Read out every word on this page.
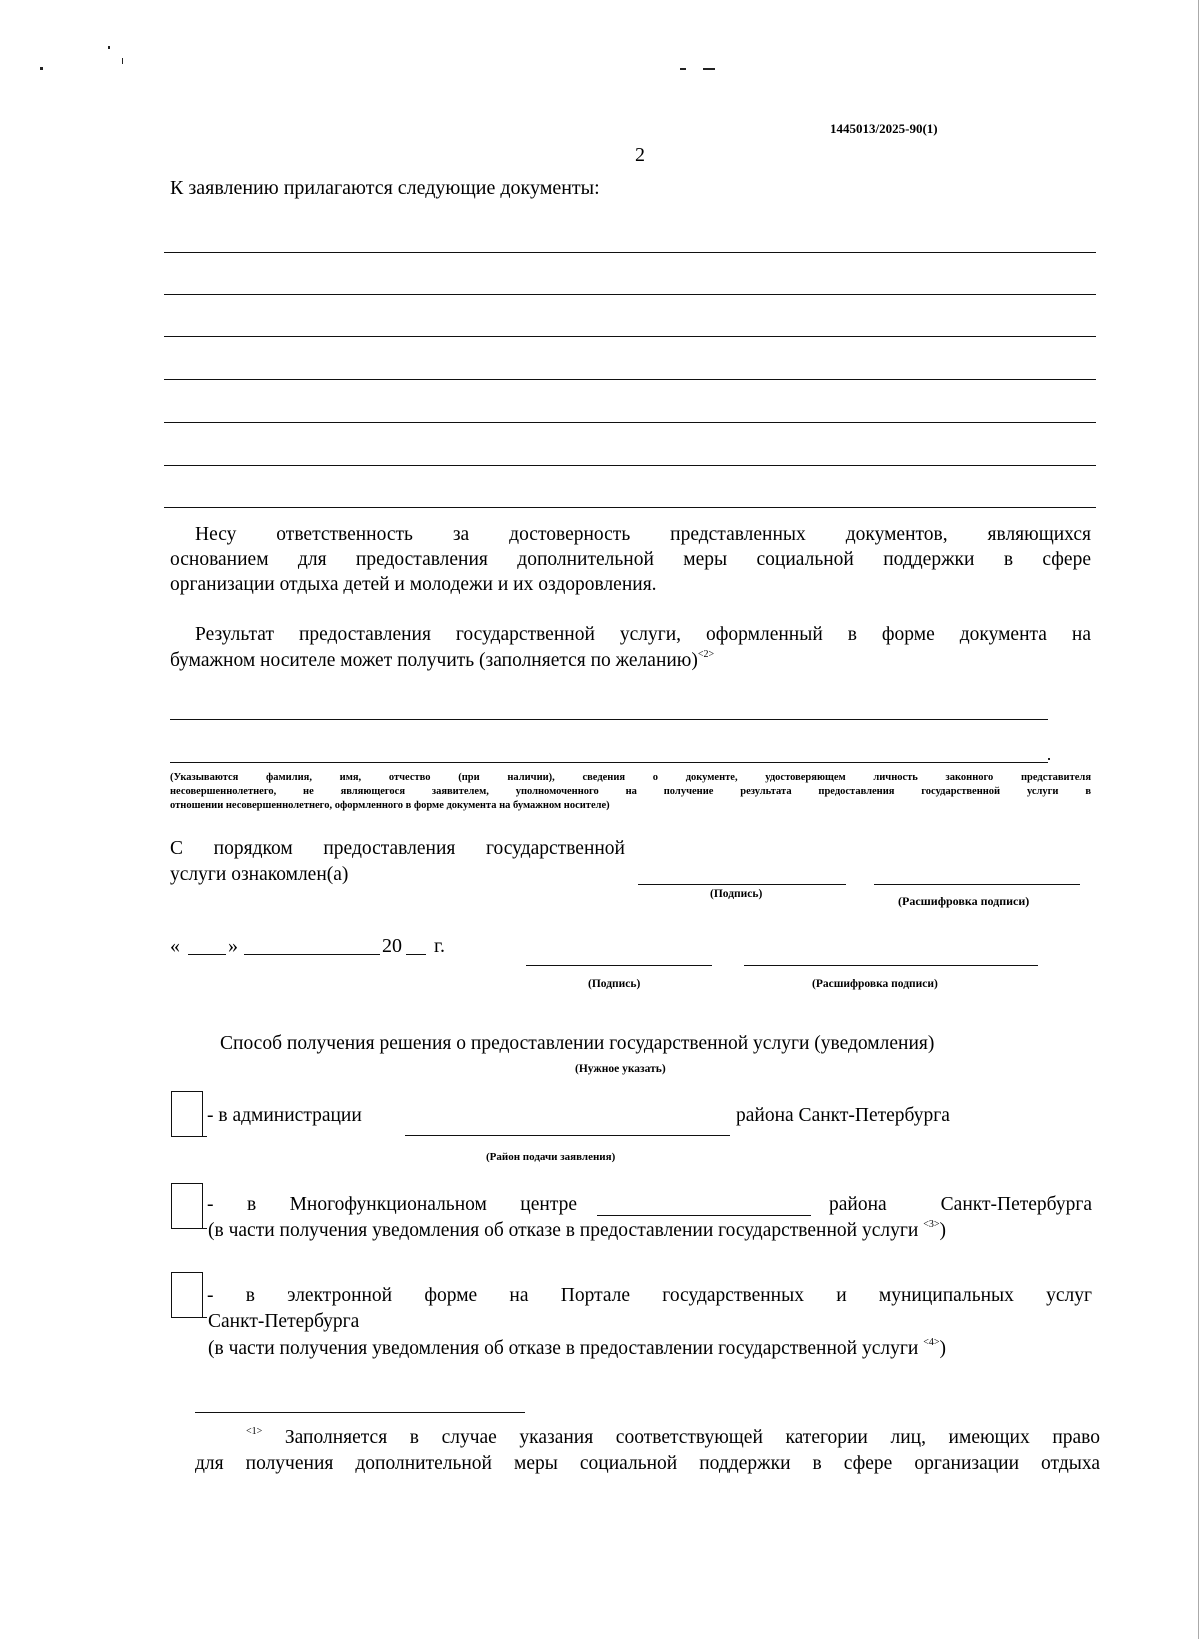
1445013/2025-90(1)
2
К заявлению прилагаются следующие документы:
Несу ответственность за достоверность представленных документов, являющихся
основанием для предоставления дополнительной меры социальной поддержки в сфере
организации отдыха детей и молодежи и их оздоровления.
Результат предоставления государственной услуги, оформленный в форме документа на
бумажном носителе может получить (заполняется по желанию)$^{<2>}$
(Указываются фамилия, имя, отчество (при наличии), сведения о документе, удостоверяющем личность законного представителя
несовершеннолетнего, не являющегося заявителем, уполномоченного на получение результата предоставления государственной услуги в
отношении несовершеннолетнего, оформленного в форме документа на бумажном носителе)
С порядком предоставления государственной
услуги ознакомлен(а)
(Подпись)	(Расшифровка подписи)
« »	20 г.
(Подпись)	(Расшифровка подписи)
Способ получения решения о предоставлении государственной услуги (уведомления)
(Нужное указать)
- в администрации	района Санкт-Петербурга
(Район подачи заявления)
- в Многофункциональном центре	района Санкт-Петербурга
(в части получения уведомления об отказе в предоставлении государственной услуги $^{<3>}$)
- в электронной форме на Портале государственных и муниципальных услуг
Санкт-Петербурга
(в части получения уведомления об отказе в предоставлении государственной услуги $^{<4>}$)
$^{<1>}$ Заполняется в случае указания соответствующей категории лиц, имеющих право
для получения дополнительной меры социальной поддержки в сфере организации отдыха
